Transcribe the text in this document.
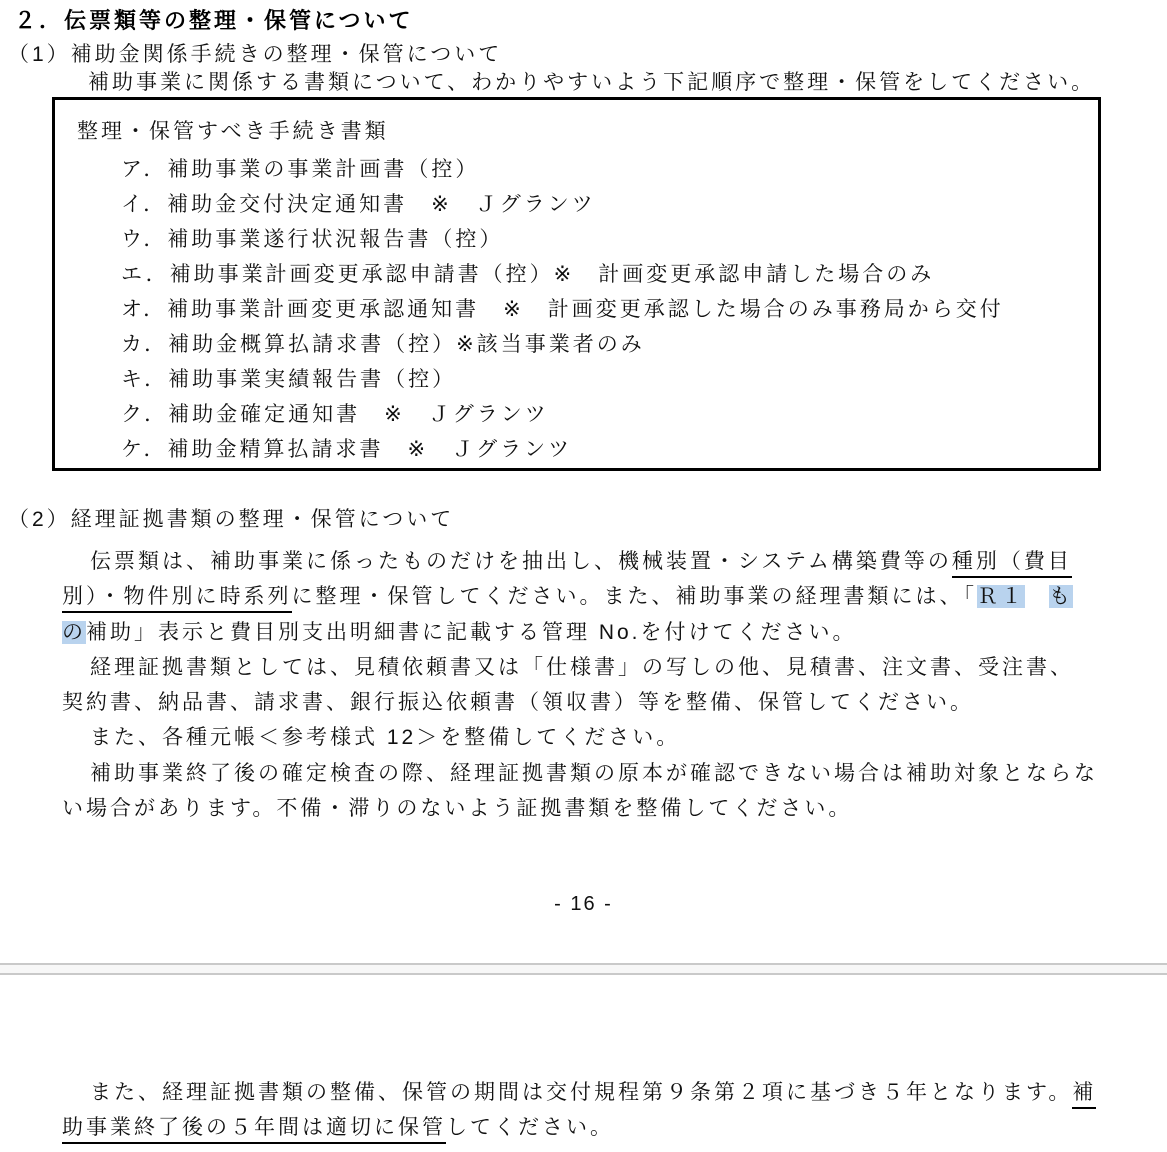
２．伝票類等の整理・保管について
（1）補助金関係手続きの整理・保管について
補助事業に関係する書類について、わかりやすいよう下記順序で整理・保管をしてください。
整理・保管すべき手続き書類
ア．補助事業の事業計画書（控）
イ．補助金交付決定通知書　※　Ｊグランツ
ウ．補助事業遂行状況報告書（控）
エ．補助事業計画変更承認申請書（控）※　計画変更承認申請した場合のみ
オ．補助事業計画変更承認通知書　※　計画変更承認した場合のみ事務局から交付
カ．補助金概算払請求書（控）※該当事業者のみ
キ．補助事業実績報告書（控）
ク．補助金確定通知書　※　Ｊグランツ
ケ．補助金精算払請求書　※　Ｊグランツ
（2）経理証拠書類の整理・保管について
伝票類は、補助事業に係ったものだけを抽出し、機械装置・システム構築費等の種別（費目
別）・物件別に時系列に整理・保管してください。また、補助事業の経理書類には、「Ｒ１　 も
の補助」表示と費目別支出明細書に記載する管理 No.を付けてください。
経理証拠書類としては、見積依頼書又は「仕様書」の写しの他、見積書、注文書、受注書、
契約書、納品書、請求書、銀行振込依頼書（領収書）等を整備、保管してください。
また、各種元帳＜参考様式 12＞を整備してください。
補助事業終了後の確定検査の際、経理証拠書類の原本が確認できない場合は補助対象とならな
い場合があります。不備・滞りのないよう証拠書類を整備してください。
- 16 -
また、経理証拠書類の整備、保管の期間は交付規程第９条第２項に基づき５年となります。補
助事業終了後の５年間は適切に保管してください。
